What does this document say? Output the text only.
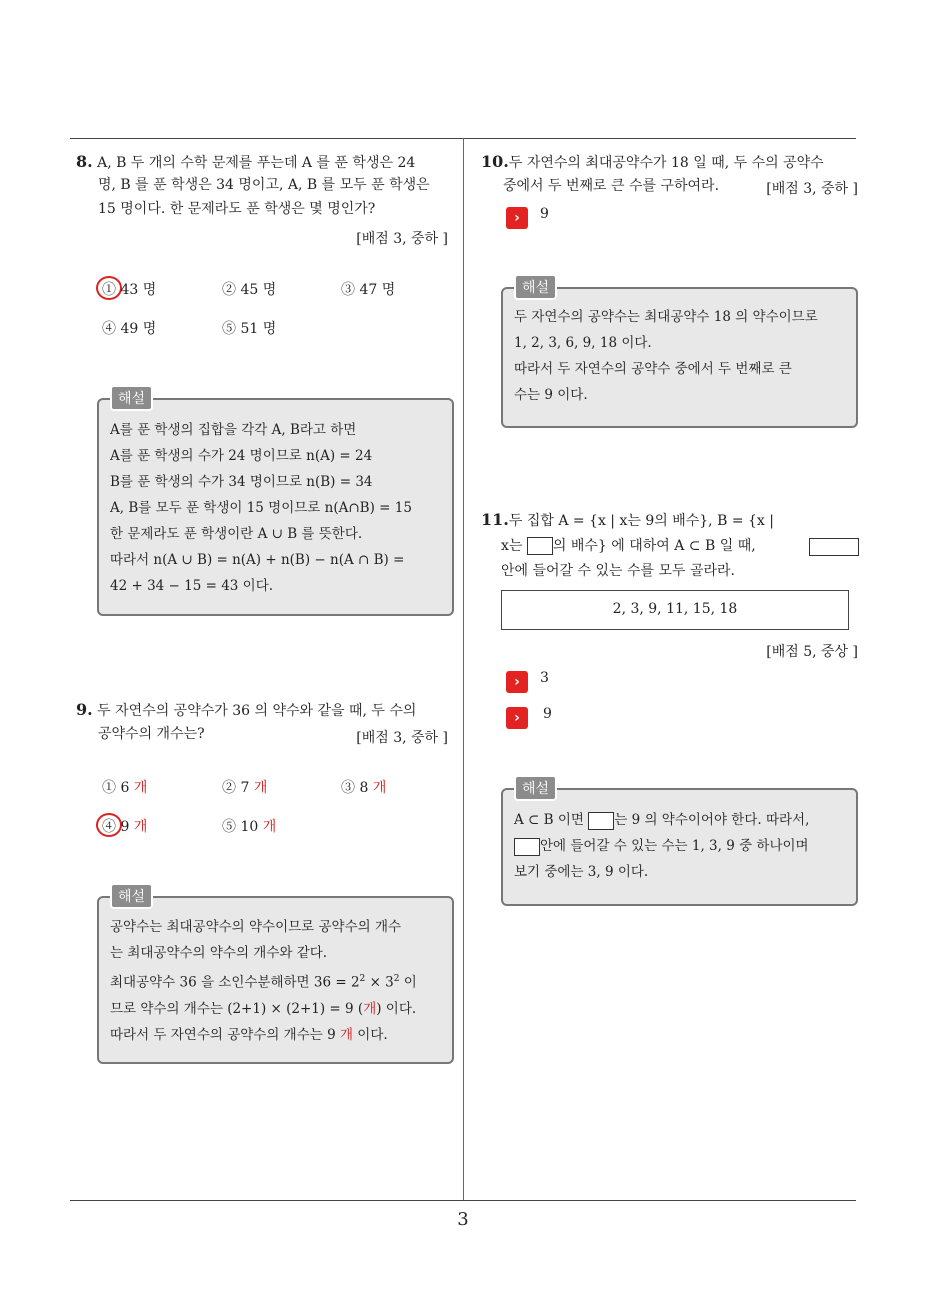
8. A, B 두 개의 수학 문제를 푸는데 A 를 푼 학생은 24
명, B 를 푼 학생은 34 명이고, A, B 를 모두 푼 학생은
15 명이다. 한 문제라도 푼 학생은 몇 명인가?
[배점 3, 중하 ]
① 43 명	② 45 명	③ 47 명
④ 49 명	⑤ 51 명
해설
A를 푼 학생의 집합을 각각 A, B라고 하면
A를 푼 학생의 수가 24 명이므로 n(A) = 24
B를 푼 학생의 수가 34 명이므로 n(B) = 34
A, B를 모두 푼 학생이 15 명이므로 n(A∩B) = 15
한 문제라도 푼 학생이란 A ∪ B 를 뜻한다.
따라서 n(A ∪ B) = n(A) + n(B) − n(A ∩ B) =
42 + 34 − 15 = 43 이다.
9. 두 자연수의 공약수가 36 의 약수와 같을 때, 두 수의
공약수의 개수는?	[배점 3, 중하 ]
① 6 개	② 7 개	③ 8 개
④ 9 개	⑤ 10 개
해설
공약수는 최대공약수의 약수이므로 공약수의 개수
는 최대공약수의 약수의 개수와 같다.
최대공약수 36 을 소인수분해하면 $36 = 2^2 \times 3^2$ 이
므로 약수의 개수는 (2+1) × (2+1) = 9 (개) 이다.
따라서 두 자연수의 공약수의 개수는 9 개 이다.
10.두 자연수의 최대공약수가 18 일 때, 두 수의 공약수
중에서 두 번째로 큰 수를 구하여라.	[배점 3, 중하 ]
›	9
해설
두 자연수의 공약수는 최대공약수 18 의 약수이므로
1, 2, 3, 6, 9, 18 이다.
따라서 두 자연수의 공약수 중에서 두 번째로 큰
수는 9 이다.
11.두 집합 A = {x | x는 9의 배수}, B = {x |
x는 의 배수} 에 대하여 A ⊂ B 일 때,
안에 들어갈 수 있는 수를 모두 골라라.
2, 3, 9, 11, 15, 18
[배점 5, 중상 ]
›	3
›	9
해설
A ⊂ B 이면 는 9 의 약수이어야 한다. 따라서,
안에 들어갈 수 있는 수는 1, 3, 9 중 하나이며
보기 중에는 3, 9 이다.
3
